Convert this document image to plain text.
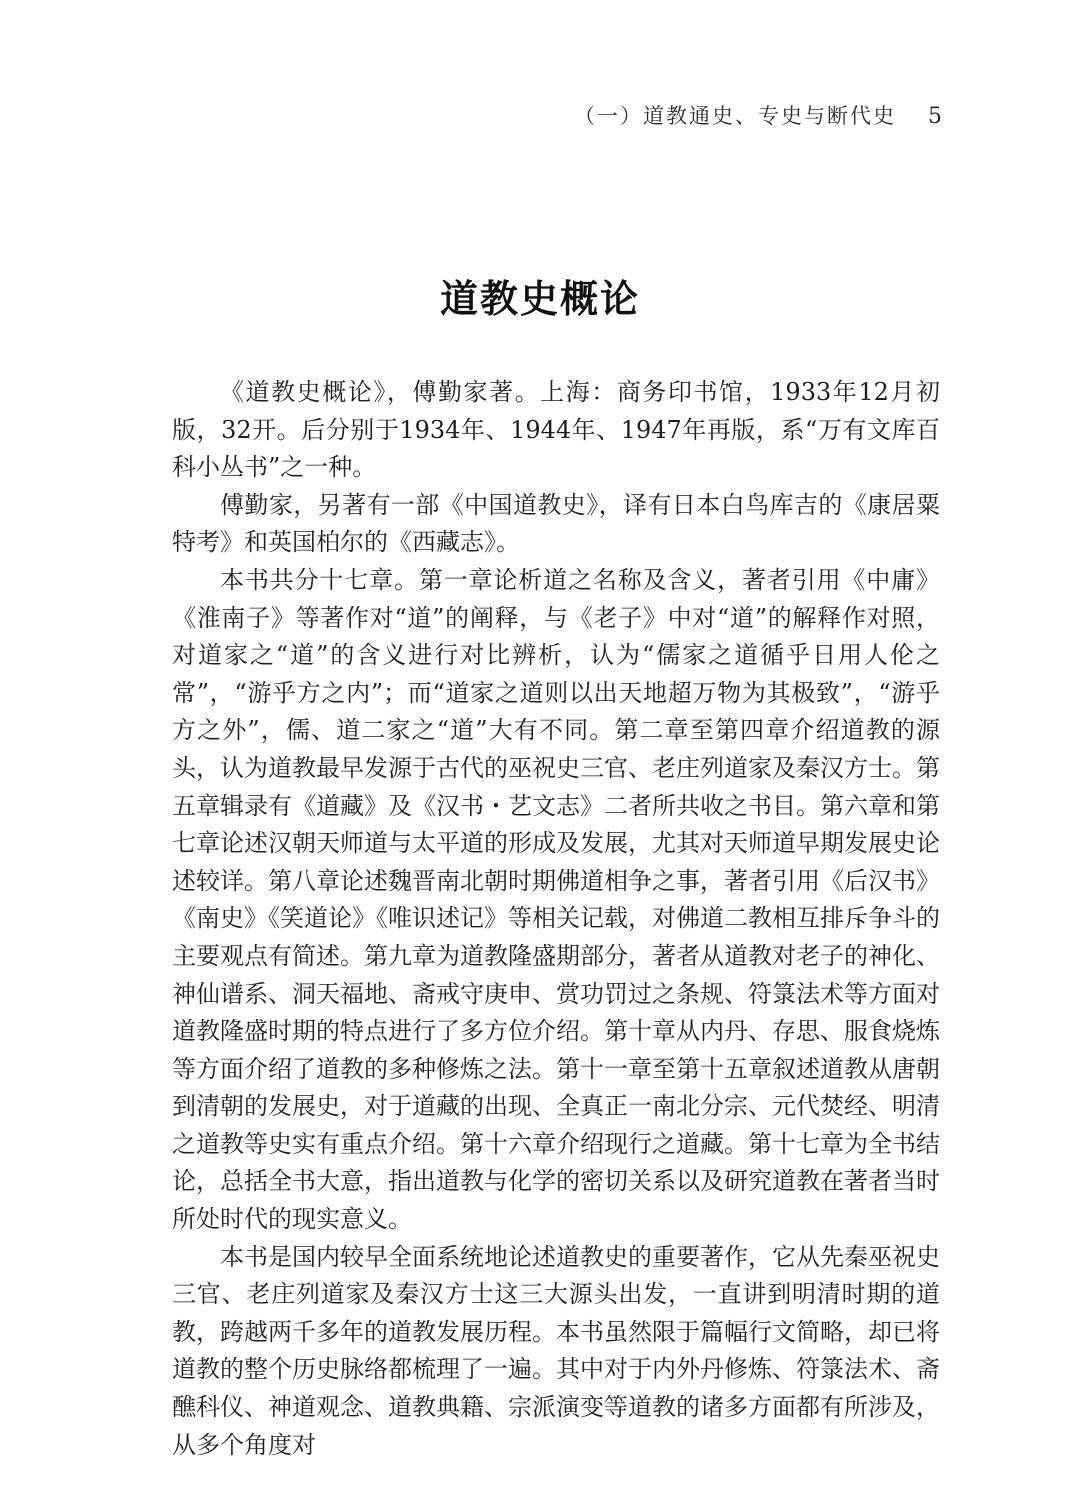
（一）道教通史、专史与断代史 5
道教史概论

《道教史概论》，傅勤家著。上海：商务印书馆，1933年12月初版，32开。后分别于1934年、1944年、1947年再版，系“万有文库百科小丛书”之一种。

傅勤家，另著有一部《中国道教史》，译有日本白鸟库吉的《康居粟特考》和英国柏尔的《西藏志》。

本书共分十七章。第一章论析道之名称及含义，著者引用《中庸》《淮南子》等著作对“道”的阐释，与《老子》中对“道”的解释作对照，对道家之“道”的含义进行对比辨析，认为“儒家之道循乎日用人伦之常”，“游乎方之内”；而“道家之道则以出天地超万物为其极致”，“游乎方之外”，儒、道二家之“道”大有不同。第二章至第四章介绍道教的源头，认为道教最早发源于古代的巫祝史三官、老庄列道家及秦汉方士。第五章辑录有《道藏》及《汉书・艺文志》二者所共收之书目。第六章和第七章论述汉朝天师道与太平道的形成及发展，尤其对天师道早期发展史论述较详。第八章论述魏晋南北朝时期佛道相争之事，著者引用《后汉书》《南史》《笑道论》《唯识述记》等相关记载，对佛道二教相互排斥争斗的主要观点有简述。第九章为道教隆盛期部分，著者从道教对老子的神化、神仙谱系、洞天福地、斋戒守庚申、赏功罚过之条规、符箓法术等方面对道教隆盛时期的特点进行了多方位介绍。第十章从内丹、存思、服食烧炼等方面介绍了道教的多种修炼之法。第十一章至第十五章叙述道教从唐朝到清朝的发展史，对于道藏的出现、全真正一南北分宗、元代焚经、明清之道教等史实有重点介绍。第十六章介绍现行之道藏。第十七章为全书结论，总括全书大意，指出道教与化学的密切关系以及研究道教在著者当时所处时代的现实意义。

本书是国内较早全面系统地论述道教史的重要著作，它从先秦巫祝史三官、老庄列道家及秦汉方士这三大源头出发，一直讲到明清时期的道教，跨越两千多年的道教发展历程。本书虽然限于篇幅行文简略，却已将道教的整个历史脉络都梳理了一遍。其中对于内外丹修炼、符箓法术、斋醮科仪、神道观念、道教典籍、宗派演变等道教的诸多方面都有所涉及，从多个角度对
